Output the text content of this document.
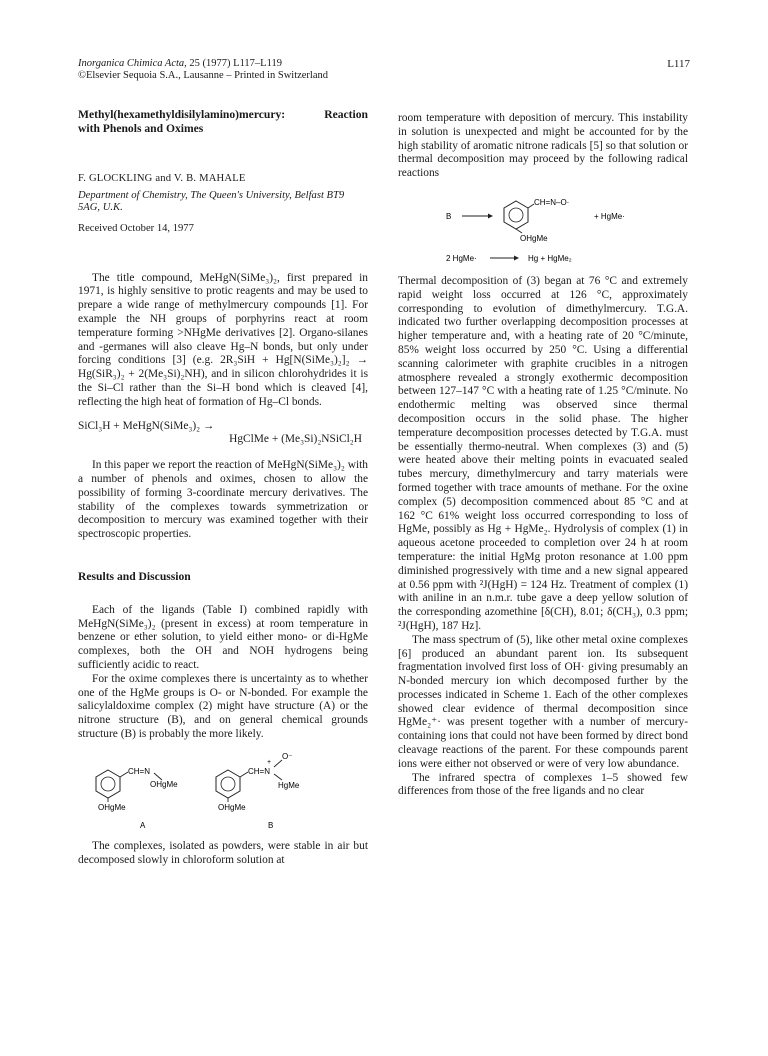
Inorganica Chimica Acta, 25 (1977) L117–L119
©Elsevier Sequoia S.A., Lausanne – Printed in Switzerland
L117
Methyl(hexamethyldisilylamino)mercury:	Reaction
with Phenols and Oximes
F. GLOCKLING and V. B. MAHALE
Department of Chemistry, The Queen's University, Belfast BT9 5AG, U.K.
Received October 14, 1977

The title compound, MeHgN(SiMe₃)₂, first prepared in 1971, is highly sensitive to protic reagents and may be used to prepare a wide range of methylmercury compounds [1]. For example the NH groups of porphyrins react at room temperature forming >NHgMe derivatives [2]. Organo-silanes and -germanes will also cleave Hg–N bonds, but only under forcing conditions [3] (e.g. 2R₃SiH + Hg[N(SiMe₃)₂]₂ → Hg(SiR₃)₂ + 2(Me₃Si)₂NH), and in silicon chlorohydrides it is the Si–Cl rather than the Si–H bond which is cleaved [4], reflecting the high heat of formation of Hg–Cl bonds.

SiCl₃H + MeHgN(SiMe₃)₂ →
HgClMe + (Me₃Si)₂NSiCl₂H

In this paper we report the reaction of MeHgN(SiMe₃)₂ with a number of phenols and oximes, chosen to allow the possibility of forming 3-coordinate mercury derivatives. The stability of the complexes towards symmetrization or decomposition to mercury was examined together with their spectroscopic properties.

Results and Discussion

Each of the ligands (Table I) combined rapidly with MeHgN(SiMe₃)₂ (present in excess) at room temperature in benzene or ether solution, to yield either mono- or di-HgMe complexes, both the OH and NOH hydrogens being sufficiently acidic to react.

For the oxime complexes there is uncertainty as to whether one of the HgMe groups is O- or N-bonded. For example the salicylaldoxime complex (2) might have structure (A) or the nitrone structure (B), and on general chemical grounds structure (B) is probably the more likely.

CH=N
OHgMe
OHgMe
A
CH=N
+
O⁻
HgMe
OHgMe
B

The complexes, isolated as powders, were stable in air but decomposed slowly in chloroform solution at

room temperature with deposition of mercury. This instability in solution is unexpected and might be accounted for by the high stability of aromatic nitrone radicals [5] so that solution or thermal decomposition may proceed by the following radical reactions

B
CH=N–O·
OHgMe
+ HgMe·
2 HgMe·	Hg + HgMe₂

Thermal decomposition of (3) began at 76 °C and extremely rapid weight loss occurred at 126 °C, approximately corresponding to evolution of dimethylmercury. T.G.A. indicated two further overlapping decomposition processes at higher temperature and, with a heating rate of 20 °C/minute, 85% weight loss occurred by 250 °C. Using a differential scanning calorimeter with graphite crucibles in a nitrogen atmosphere revealed a strongly exothermic decomposition between 127–147 °C with a heating rate of 1.25 °C/minute. No endothermic melting was observed since thermal decomposition occurs in the solid phase. The higher temperature decomposition processes detected by T.G.A. must be essentially thermo-neutral. When complexes (3) and (5) were heated above their melting points in evacuated sealed tubes mercury, dimethylmercury and tarry materials were formed together with trace amounts of methane. For the oxine complex (5) decomposition commenced about 85 °C and at 162 °C 61% weight loss occurred corresponding to loss of HgMe, possibly as Hg + HgMe₂. Hydrolysis of complex (1) in aqueous acetone proceeded to completion over 24 h at room temperature: the initial HgMg proton resonance at 1.00 ppm diminished progressively with time and a new signal appeared at 0.56 ppm with ²J(HgH) = 124 Hz. Treatment of complex (1) with aniline in an n.m.r. tube gave a deep yellow solution of the corresponding azomethine [δ(CH), 8.01; δ(CH₃), 0.3 ppm; ²J(HgH), 187 Hz].

The mass spectrum of (5), like other metal oxine complexes [6] produced an abundant parent ion. Its subsequent fragmentation involved first loss of OH· giving presumably an N-bonded mercury ion which decomposed further by the processes indicated in Scheme 1. Each of the other complexes showed clear evidence of thermal decomposition since HgMe₂⁺· was present together with a number of mercury-containing ions that could not have been formed by direct bond cleavage reactions of the parent. For these compounds parent ions were either not observed or were of very low abundance.

The infrared spectra of complexes 1–5 showed few differences from those of the free ligands and no clear
